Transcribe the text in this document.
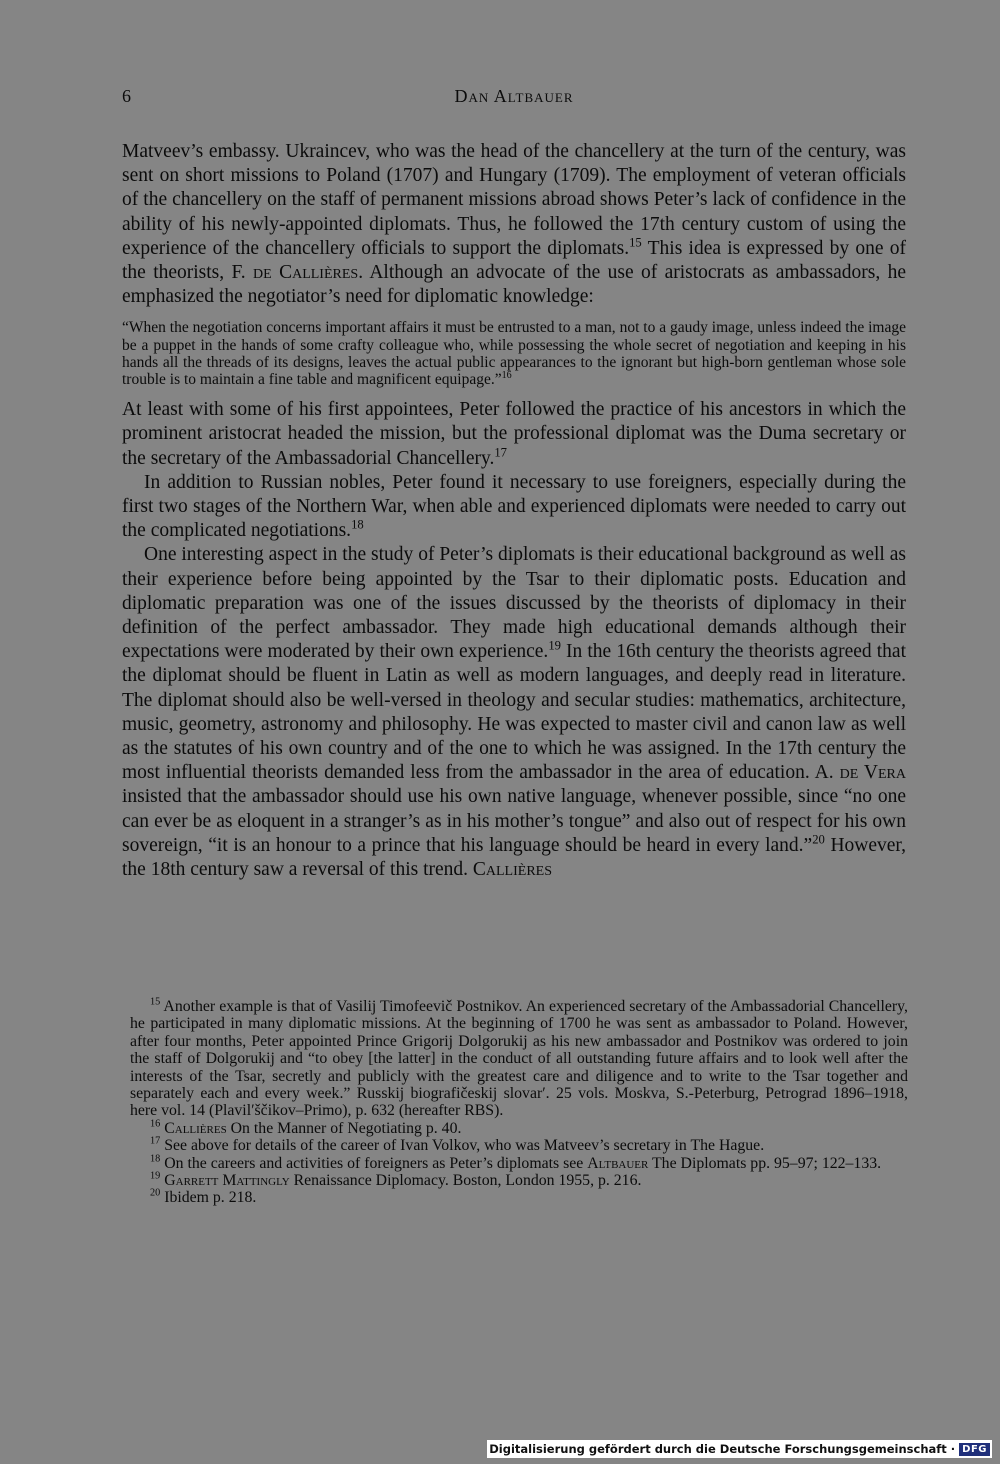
6	Dan Altbauer

Matveev’s embassy. Ukraincev, who was the head of the chancellery at the turn of the century, was sent on short missions to Poland (1707) and Hungary (1709). The employment of veteran officials of the chancellery on the staff of permanent missions abroad shows Peter’s lack of confidence in the ability of his newly-appointed diplomats. Thus, he followed the 17th century custom of using the experience of the chancellery officials to support the diplomats.$^{15}$ This idea is expressed by one of the theorists, F. de Callières. Although an advocate of the use of aristocrats as ambassadors, he emphasized the negotiator’s need for diplomatic knowledge:

“When the negotiation concerns important affairs it must be entrusted to a man, not to a gaudy image, unless indeed the image be a puppet in the hands of some crafty colleague who, while possessing the whole secret of negotiation and keeping in his hands all the threads of its designs, leaves the actual public appearances to the ignorant but high-born gentleman whose sole trouble is to maintain a fine table and magnificent equipage.”$^{16}$

At least with some of his first appointees, Peter followed the practice of his ancestors in which the prominent aristocrat headed the mission, but the professional diplomat was the Duma secretary or the secretary of the Ambassadorial Chancellery.$^{17}$

In addition to Russian nobles, Peter found it necessary to use foreigners, especially during the first two stages of the Northern War, when able and experienced diplomats were needed to carry out the complicated negotiations.$^{18}$

One interesting aspect in the study of Peter’s diplomats is their educational background as well as their experience before being appointed by the Tsar to their diplomatic posts. Education and diplomatic preparation was one of the issues discussed by the theorists of diplomacy in their definition of the perfect ambassador. They made high educational demands although their expectations were moderated by their own experience.$^{19}$ In the 16th century the theorists agreed that the diplomat should be fluent in Latin as well as modern languages, and deeply read in literature. The diplomat should also be well-versed in theology and secular studies: mathematics, architecture, music, geometry, astronomy and philosophy. He was expected to master civil and canon law as well as the statutes of his own country and of the one to which he was assigned. In the 17th century the most influential theorists demanded less from the ambassador in the area of education. A. de Vera insisted that the ambassador should use his own native language, whenever possible, since “no one can ever be as eloquent in a stranger’s as in his mother’s tongue” and also out of respect for his own sovereign, “it is an honour to a prince that his language should be heard in every land.”$^{20}$ However, the 18th century saw a reversal of this trend. Callières

$^{15}$ Another example is that of Vasilij Timofeevič Postnikov. An experienced secretary of the Ambassadorial Chancellery, he participated in many diplomatic missions. At the beginning of 1700 he was sent as ambassador to Poland. However, after four months, Peter appointed Prince Grigorij Dolgorukij as his new ambassador and Postnikov was ordered to join the staff of Dolgorukij and “to obey [the latter] in the conduct of all outstanding future affairs and to look well after the interests of the Tsar, secretly and publicly with the greatest care and diligence and to write to the Tsar together and separately each and every week.” Russkij biografičeskij slovar′. 25 vols. Moskva, S.-Peterburg, Petrograd 1896–1918, here vol. 14 (Plavil′ščikov–Primo), p. 632 (hereafter RBS).

$^{16}$ Callières On the Manner of Negotiating p. 40.

$^{17}$ See above for details of the career of Ivan Volkov, who was Matveev’s secretary in The Hague.

$^{18}$ On the careers and activities of foreigners as Peter’s diplomats see Altbauer The Diplomats pp. 95–97; 122–133.

$^{19}$ Garrett Mattingly Renaissance Diplomacy. Boston, London 1955, p. 216.

$^{20}$ Ibidem p. 218.

Digitalisierung gefördert durch die Deutsche Forschungsgemeinschaft · DFG
